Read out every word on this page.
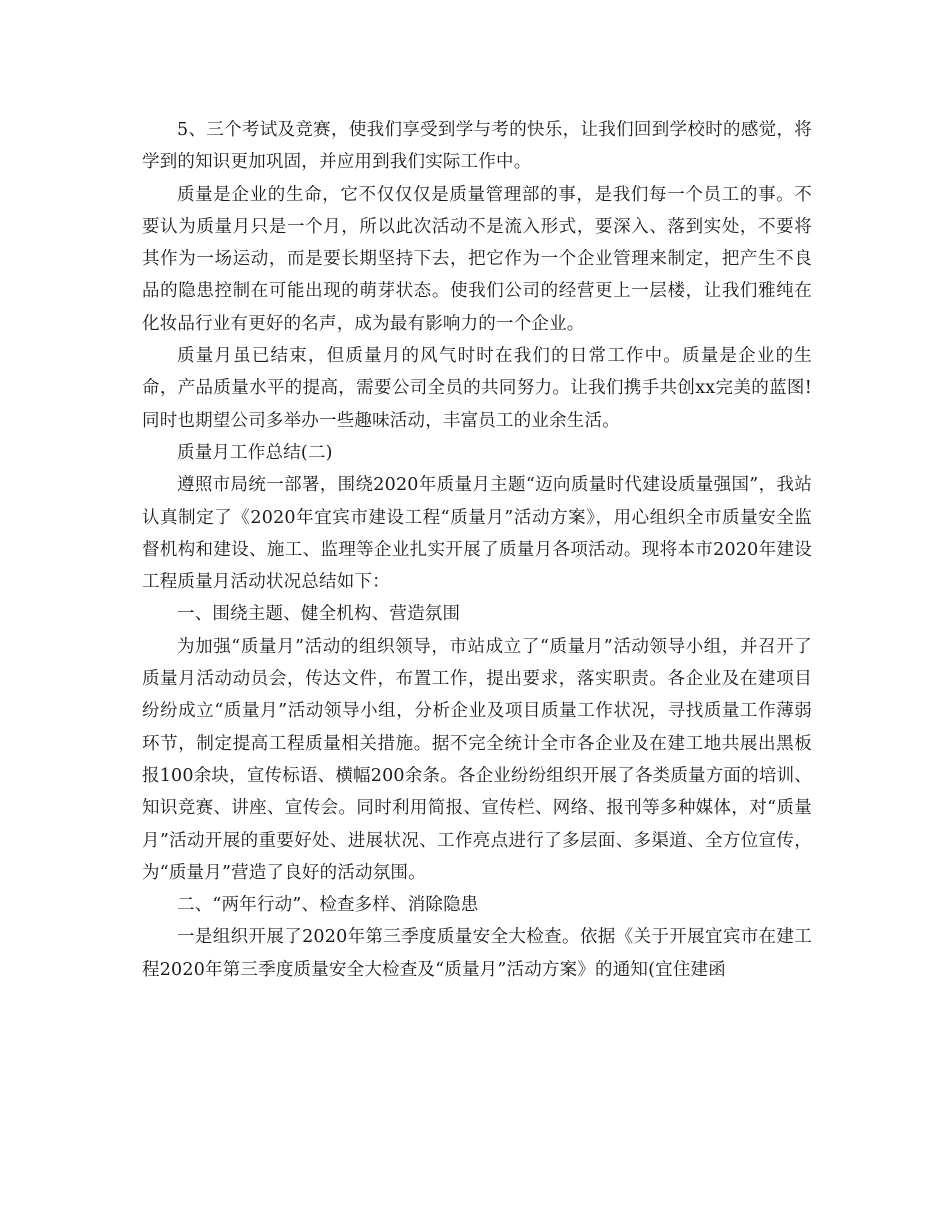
5、三个考试及竞赛，使我们享受到学与考的快乐，让我们回到学校时的感觉，将学到的知识更加巩固，并应用到我们实际工作中。

质量是企业的生命，它不仅仅仅是质量管理部的事，是我们每一个员工的事。不要认为质量月只是一个月，所以此次活动不是流入形式，要深入、落到实处，不要将其作为一场运动，而是要长期坚持下去，把它作为一个企业管理来制定，把产生不良品的隐患控制在可能出现的萌芽状态。使我们公司的经营更上一层楼，让我们雅纯在化妆品行业有更好的名声，成为最有影响力的一个企业。

质量月虽已结束，但质量月的风气时时在我们的日常工作中。质量是企业的生命，产品质量水平的提高，需要公司全员的共同努力。让我们携手共创xx完美的蓝图!同时也期望公司多举办一些趣味活动，丰富员工的业余生活。

质量月工作总结(二)

遵照市局统一部署，围绕2020年质量月主题“迈向质量时代建设质量强国”，我站认真制定了《2020年宜宾市建设工程“质量月”活动方案》，用心组织全市质量安全监督机构和建设、施工、监理等企业扎实开展了质量月各项活动。现将本市2020年建设工程质量月活动状况总结如下：

一、围绕主题、健全机构、营造氛围

为加强“质量月”活动的组织领导，市站成立了“质量月”活动领导小组，并召开了质量月活动动员会，传达文件，布置工作，提出要求，落实职责。各企业及在建项目纷纷成立“质量月”活动领导小组，分析企业及项目质量工作状况，寻找质量工作薄弱环节，制定提高工程质量相关措施。据不完全统计全市各企业及在建工地共展出黑板报100余块，宣传标语、横幅200余条。各企业纷纷组织开展了各类质量方面的培训、知识竞赛、讲座、宣传会。同时利用简报、宣传栏、网络、报刊等多种媒体，对“质量月”活动开展的重要好处、进展状况、工作亮点进行了多层面、多渠道、全方位宣传，为“质量月”营造了良好的活动氛围。

二、“两年行动”、检查多样、消除隐患

一是组织开展了2020年第三季度质量安全大检查。依据《关于开展宜宾市在建工程2020年第三季度质量安全大检查及“质量月”活动方案》的通知(宜住建函
